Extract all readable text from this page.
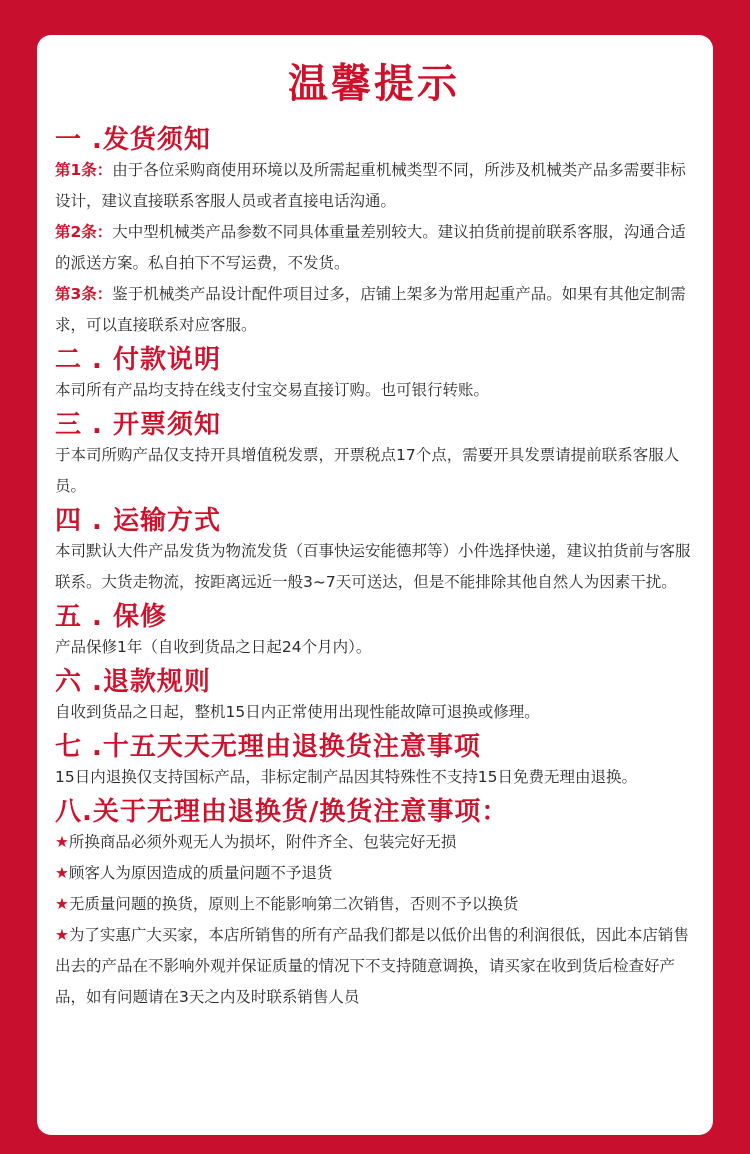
温馨提示
一 .发货须知

第1条：由于各位采购商使用环境以及所需起重机械类型不同，所涉及机械类产品多需要非标设计，建议直接联系客服人员或者直接电话沟通。

第2条：大中型机械类产品参数不同具体重量差别较大。建议拍货前提前联系客服，沟通合适的派送方案。私自拍下不写运费，不发货。

第3条：鉴于机械类产品设计配件项目过多，店铺上架多为常用起重产品。如果有其他定制需求，可以直接联系对应客服。

二 . 付款说明

本司所有产品均支持在线支付宝交易直接订购。也可银行转账。

三 . 开票须知

于本司所购产品仅支持开具增值税发票，开票税点17个点，需要开具发票请提前联系客服人员。

四 . 运输方式

本司默认大件产品发货为物流发货（百事快运安能德邦等）小件选择快递，建议拍货前与客服联系。大货走物流，按距离远近一般3~7天可送达，但是不能排除其他自然人为因素干扰。

五 . 保修

产品保修1年（自收到货品之日起24个月内）。

六 .退款规则

自收到货品之日起，整机15日内正常使用出现性能故障可退换或修理。

七 .十五天天无理由退换货注意事项

15日内退换仅支持国标产品，非标定制产品因其特殊性不支持15日免费无理由退换。

八.关于无理由退换货/换货注意事项：

★所换商品必须外观无人为损坏，附件齐全、包装完好无损

★顾客人为原因造成的质量问题不予退货

★无质量问题的换货，原则上不能影响第二次销售，否则不予以换货

★为了实惠广大买家，本店所销售的所有产品我们都是以低价出售的利润很低，因此本店销售出去的产品在不影响外观并保证质量的情况下不支持随意调换，请买家在收到货后检查好产品，如有问题请在3天之内及时联系销售人员
